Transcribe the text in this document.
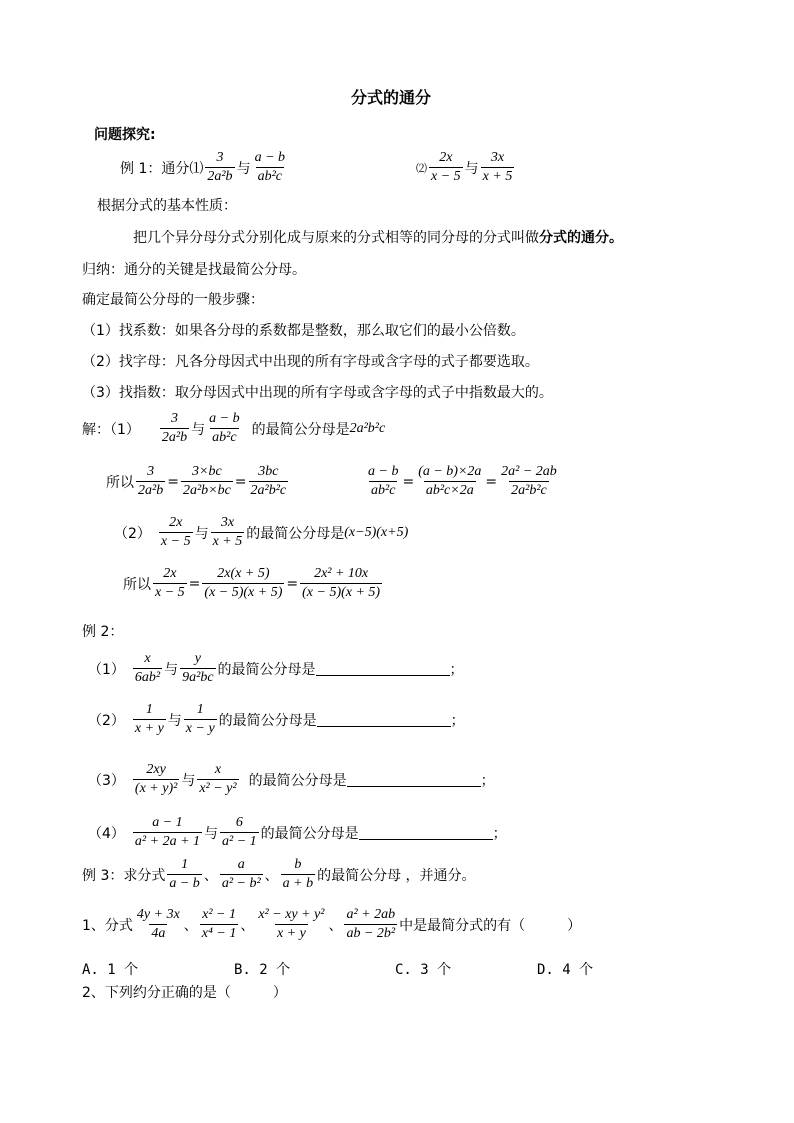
分式的通分
问题探究:
例 1：通分⑴ $\frac{3}{\text{2a²b}}$ 与 $\frac{a - b}{\text{ab²c}}$	⑵ $\frac{2x}{x - 5}$ 与 $\frac{3x}{x + 5}$
根据分式的基本性质：
把几个异分母分式分别化成与原来的分式相等的同分母的分式叫做分式的通分。
归纳：通分的关键是找最简公分母。
确定最简公分母的一般步骤：
（1）找系数：如果各分母的系数都是整数，那么取它们的最小公倍数。
（2）找字母：凡各分母因式中出现的所有字母或含字母的式子都要选取。
（3）找指数：取分母因式中出现的所有字母或含字母的式子中指数最大的。
解：$(1) \frac{3}{\text{2a²b}}$ 与 $\frac{a - b}{\text{ab²c}}$ 的最简公分母是 2a²b²c
所以 $\frac{3}{\text{2a²b}} = \frac{3\times bc}{\text{2a²b×bc}} = \frac{3bc}{\text{2a²b²c}}$	$\frac{a - b}{\text{ab²c}} = \frac{(a - b)\times 2a}{\text{ab²c×2a}} = \frac{\text{2a² − 2ab}}{\text{2a²b²c}}$
$(2) \frac{2x}{x - 5}$ 与 $\frac{3x}{x + 5}$ 的最简公分母是 (x−5)(x+5)
所以 $\frac{2x}{x - 5} = \frac{2x(x + 5)}{(x - 5)(x + 5)} = \frac{\text{2x² + 10x}}{(x - 5)(x + 5)}$
例 2：
$(1) \frac{x}{\text{6ab²}}$ 与 $\frac{y}{\text{9a²bc}}$ 的最简公分母是	；
$(2) \frac{1}{x + y}$ 与 $\frac{1}{x - y}$ 的最简公分母是	；
$(3) \frac{2xy}{\text{(x + y)²}}$ 与 $\frac{x}{\text{x² − y²}}$ 的最简公分母是	；
$(4) \frac{a - 1}{\text{a² + 2a + 1}}$ 与 $\frac{6}{\text{a² − 1}}$ 的最简公分母是	；
例 3：求分式 $\frac{1}{a - b}$ 、 $\frac{a}{\text{a² − b²}}$ 、 $\frac{b}{a + b}$ 的最简公分母 ，并通分。
1、分式 $\frac{4y + 3x}{4a}$ 、 $\frac{\text{x² − 1}}{\text{x⁴ − 1}}$ 、 $\frac{\text{x² − xy + y²}}{x + y}$ 、 $\frac{\text{a² + 2ab}}{\text{ab − 2b²}}$ 中是最简分式的有（　　　）
A. 1 个	B. 2 个	C. 3 个	D. 4 个
2、下列约分正确的是（　　　）
